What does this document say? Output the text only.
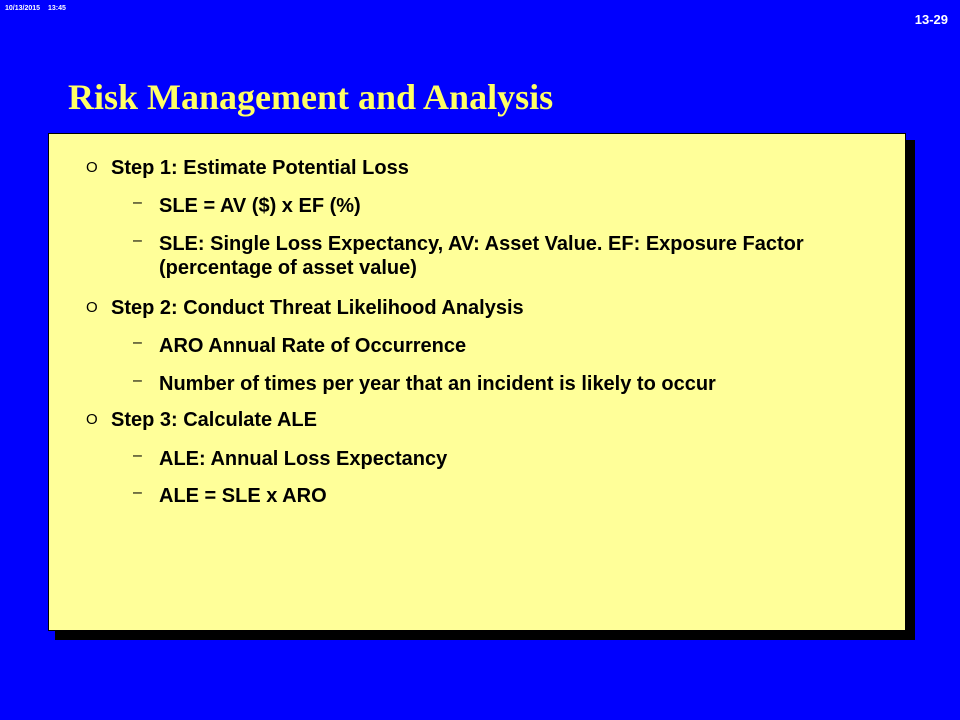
10/13/2015 13:45
13-29
Risk Management and Analysis
O Step 1: Estimate Potential Loss
– SLE = AV ($) x EF (%)
– SLE: Single Loss Expectancy, AV: Asset Value. EF: Exposure Factor (percentage of asset value)
O Step 2: Conduct Threat Likelihood Analysis
– ARO Annual Rate of Occurrence
– Number of times per year that an incident is likely to occur
O Step 3: Calculate ALE
– ALE: Annual Loss Expectancy
– ALE = SLE x ARO
